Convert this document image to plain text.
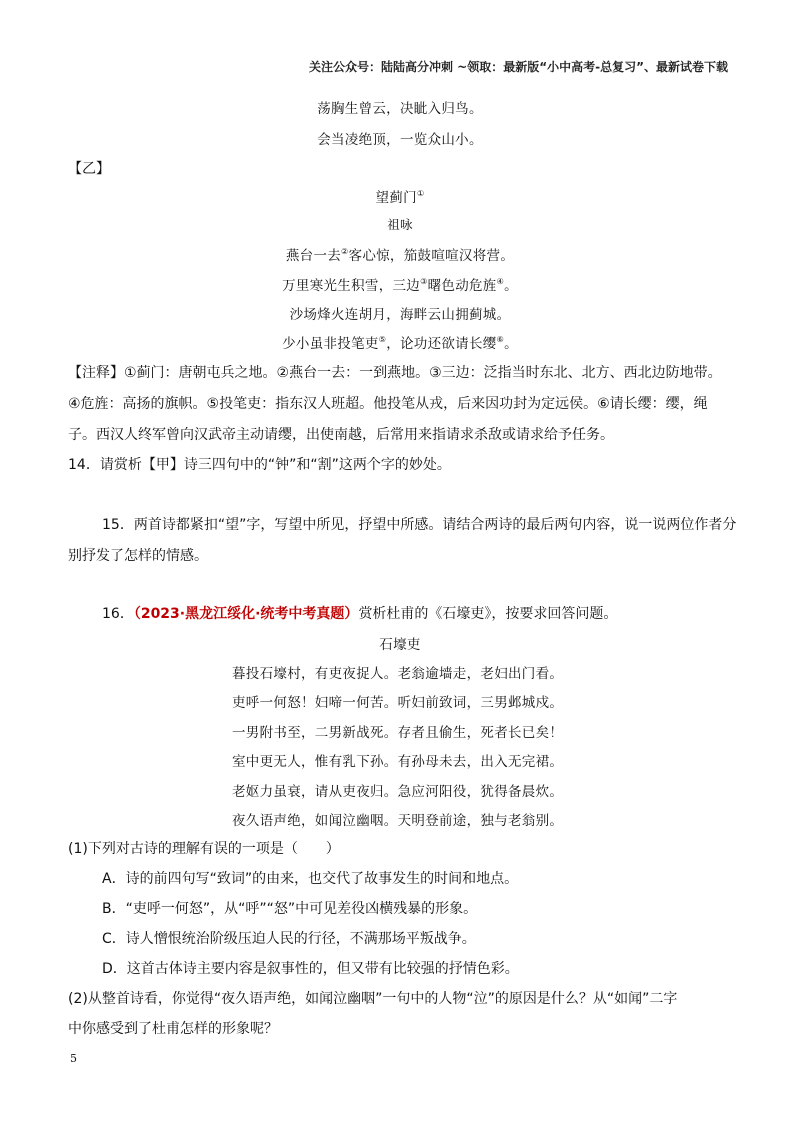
关注公众号：陆陆高分冲刺 ~领取：最新版“小中高考-总复习”、最新试卷下载
荡胸生曾云，决眦入归鸟。
会当凌绝顶，一览众山小。
【乙】
望蓟门①
祖咏
燕台一去②客心惊，笳鼓喧喧汉将营。
万里寒光生积雪，三边③曙色动危旌④。
沙场烽火连胡月，海畔云山拥蓟城。
少小虽非投笔吏⑤，论功还欲请长缨⑥。
【注释】①蓟门：唐朝屯兵之地。②燕台一去：一到燕地。③三边：泛指当时东北、北方、西北边防地带。
④危旌：高扬的旗帜。⑤投笔吏：指东汉人班超。他投笔从戎，后来因功封为定远侯。⑥请长缨：缨，绳
子。西汉人终军曾向汉武帝主动请缨，出使南越，后常用来指请求杀敌或请求给予任务。
14．请赏析【甲】诗三四句中的“钟”和“割”这两个字的妙处。
15．两首诗都紧扣“望”字，写望中所见，抒望中所感。请结合两诗的最后两句内容，说一说两位作者分
别抒发了怎样的情感。
16．（2023·黑龙江绥化·统考中考真题）赏析杜甫的《石壕吏》，按要求回答问题。
石壕吏
暮投石壕村，有吏夜捉人。老翁逾墙走，老妇出门看。
吏呼一何怒！妇啼一何苦。听妇前致词，三男邺城戍。
一男附书至，二男新战死。存者且偷生，死者长已矣！
室中更无人，惟有乳下孙。有孙母未去，出入无完裙。
老妪力虽衰，请从吏夜归。急应河阳役，犹得备晨炊。
夜久语声绝，如闻泣幽咽。天明登前途，独与老翁别。
(1)下列对古诗的理解有误的一项是（　　）
A．诗的前四句写“致词”的由来，也交代了故事发生的时间和地点。
B．“吏呼一何怒”，从“呼”“怒”中可见差役凶横残暴的形象。
C．诗人憎恨统治阶级压迫人民的行径，不满那场平叛战争。
D．这首古体诗主要内容是叙事性的，但又带有比较强的抒情色彩。
(2)从整首诗看，你觉得“夜久语声绝，如闻泣幽咽”一句中的人物“泣”的原因是什么？从“如闻”二字
中你感受到了杜甫怎样的形象呢？
5
